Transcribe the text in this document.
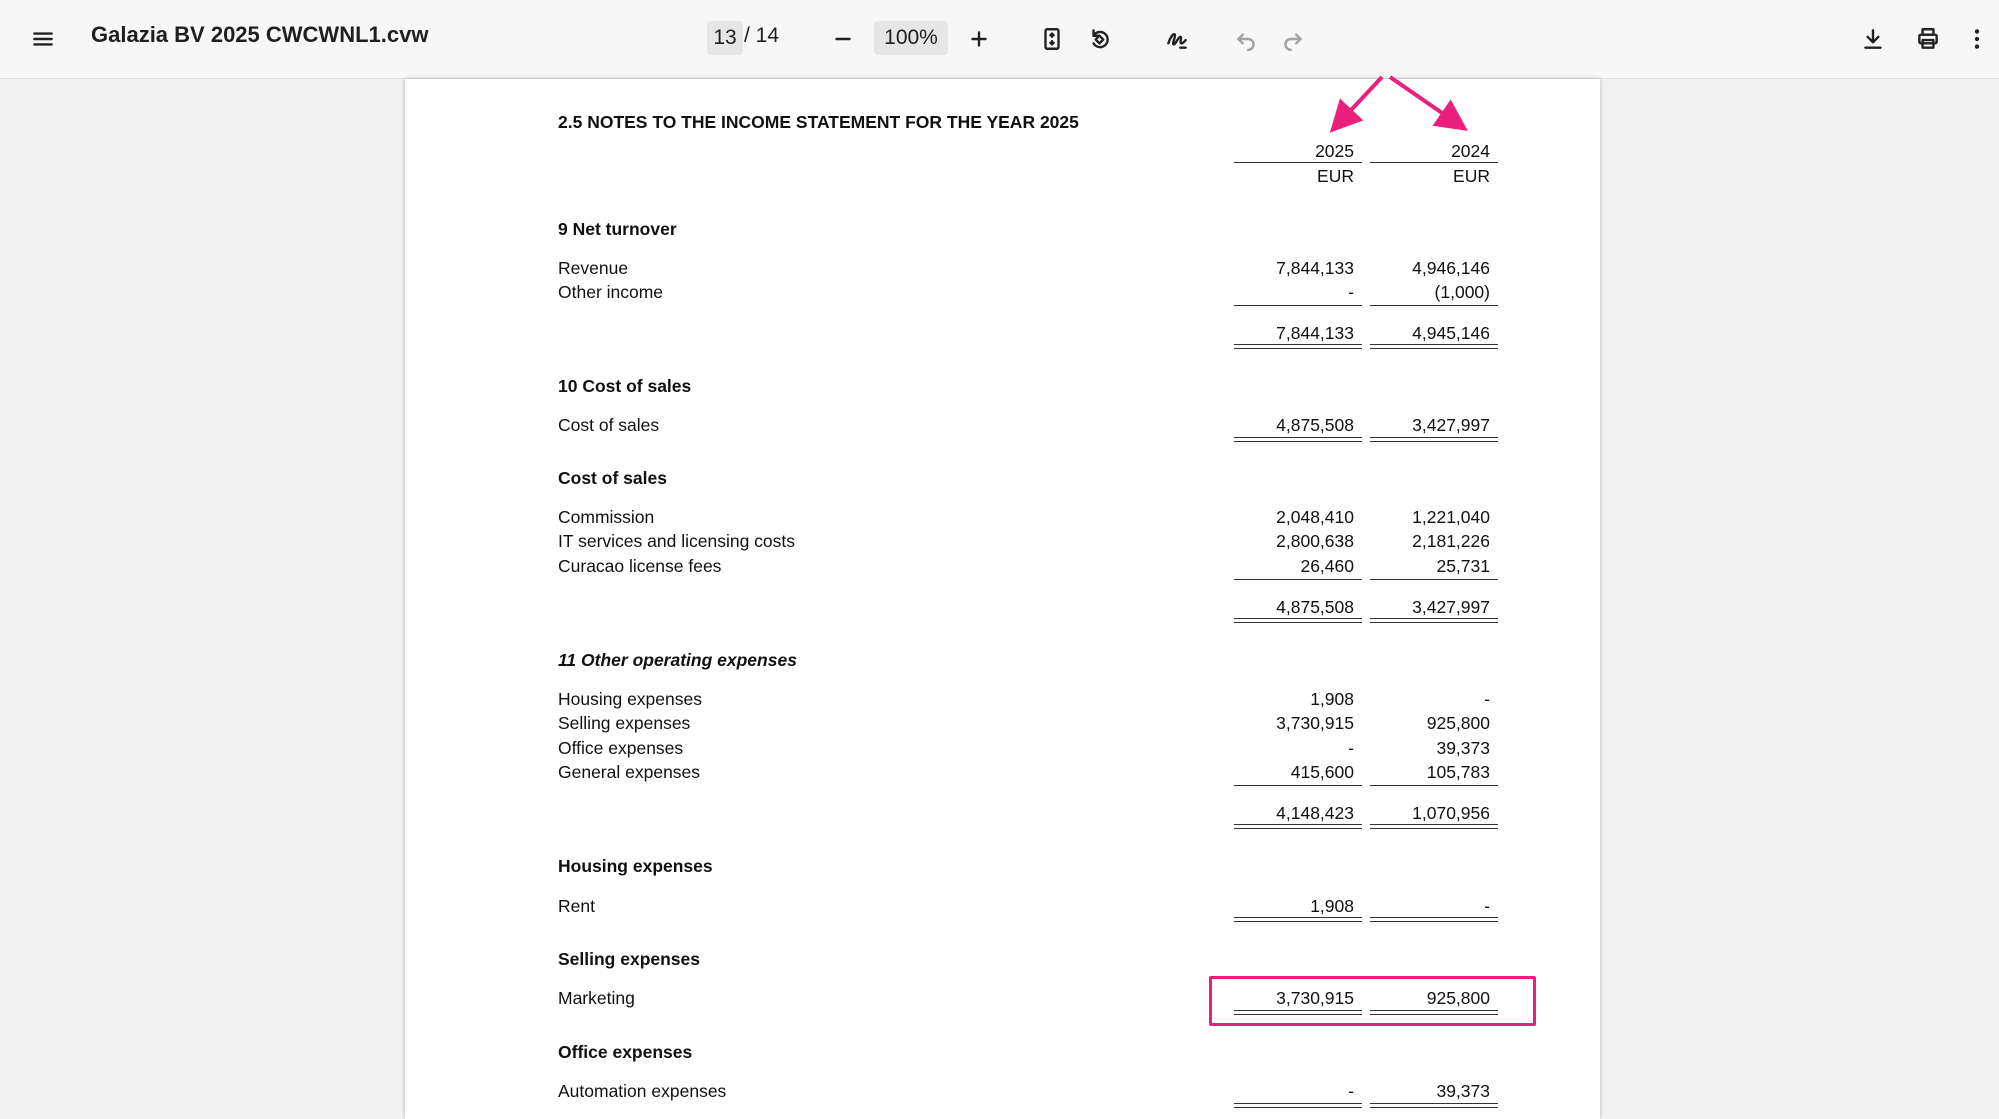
Galazia BV 2025 CWCWNL1.cvw
13	/ 14
100%
2.5 NOTES TO THE INCOME STATEMENT FOR THE YEAR 2025
2025	2024
EUR	EUR
9 Net turnover
Revenue	7,844,133	4,946,146
Other income	-	(1,000)
7,844,133	4,945,146
10 Cost of sales
Cost of sales	4,875,508	3,427,997
Cost of sales
Commission	2,048,410	1,221,040
IT services and licensing costs	2,800,638	2,181,226
Curacao license fees	26,460	25,731
4,875,508	3,427,997
11 Other operating expenses
Housing expenses	1,908	-
Selling expenses	3,730,915	925,800
Office expenses	-	39,373
General expenses	415,600	105,783
4,148,423	1,070,956
Housing expenses
Rent	1,908	-
Selling expenses
Marketing	3,730,915	925,800
Office expenses
Automation expenses	-	39,373
